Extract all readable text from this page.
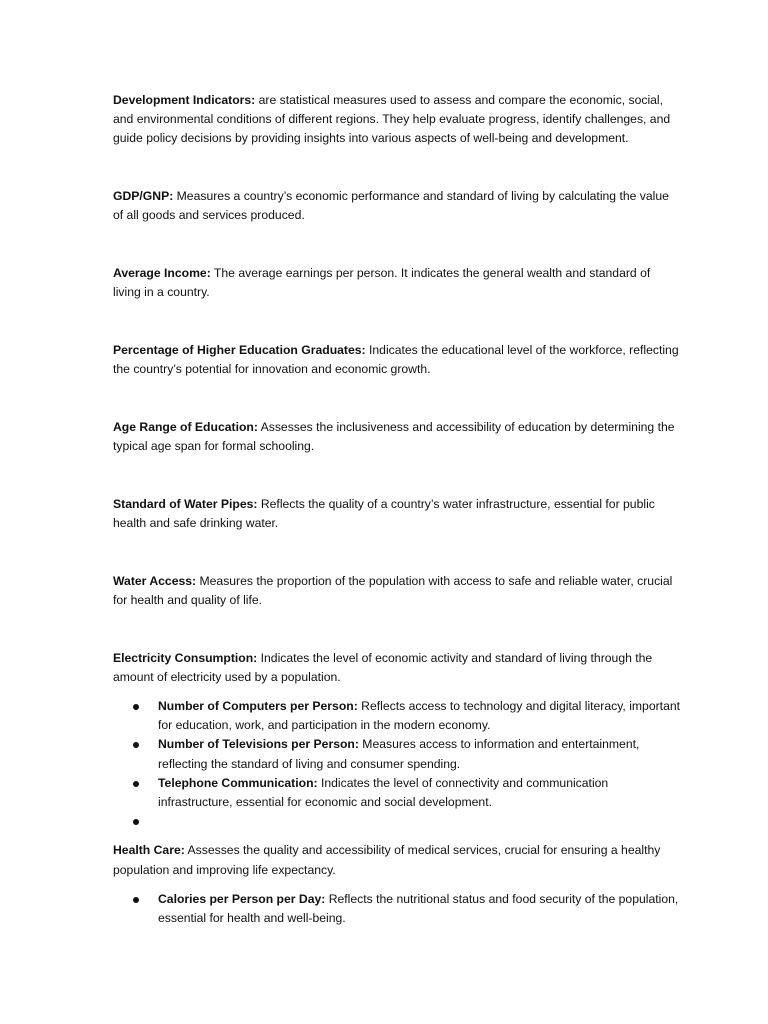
Development Indicators: are statistical measures used to assess and compare the economic, social, and environmental conditions of different regions. They help evaluate progress, identify challenges, and guide policy decisions by providing insights into various aspects of well-being and development.

GDP/GNP: Measures a country’s economic performance and standard of living by calculating the value of all goods and services produced.

Average Income: The average earnings per person. It indicates the general wealth and standard of living in a country.

Percentage of Higher Education Graduates: Indicates the educational level of the workforce, reflecting the country’s potential for innovation and economic growth.

Age Range of Education: Assesses the inclusiveness and accessibility of education by determining the typical age span for formal schooling.

Standard of Water Pipes: Reflects the quality of a country’s water infrastructure, essential for public health and safe drinking water.

Water Access: Measures the proportion of the population with access to safe and reliable water, crucial for health and quality of life.

Electricity Consumption: Indicates the level of economic activity and standard of living through the amount of electricity used by a population.

Number of Computers per Person: Reflects access to technology and digital literacy, important for education, work, and participation in the modern economy.
Number of Televisions per Person: Measures access to information and entertainment, reflecting the standard of living and consumer spending.
Telephone Communication: Indicates the level of connectivity and communication infrastructure, essential for economic and social development.

Health Care: Assesses the quality and accessibility of medical services, crucial for ensuring a healthy population and improving life expectancy.

Calories per Person per Day: Reflects the nutritional status and food security of the population, essential for health and well-being.
